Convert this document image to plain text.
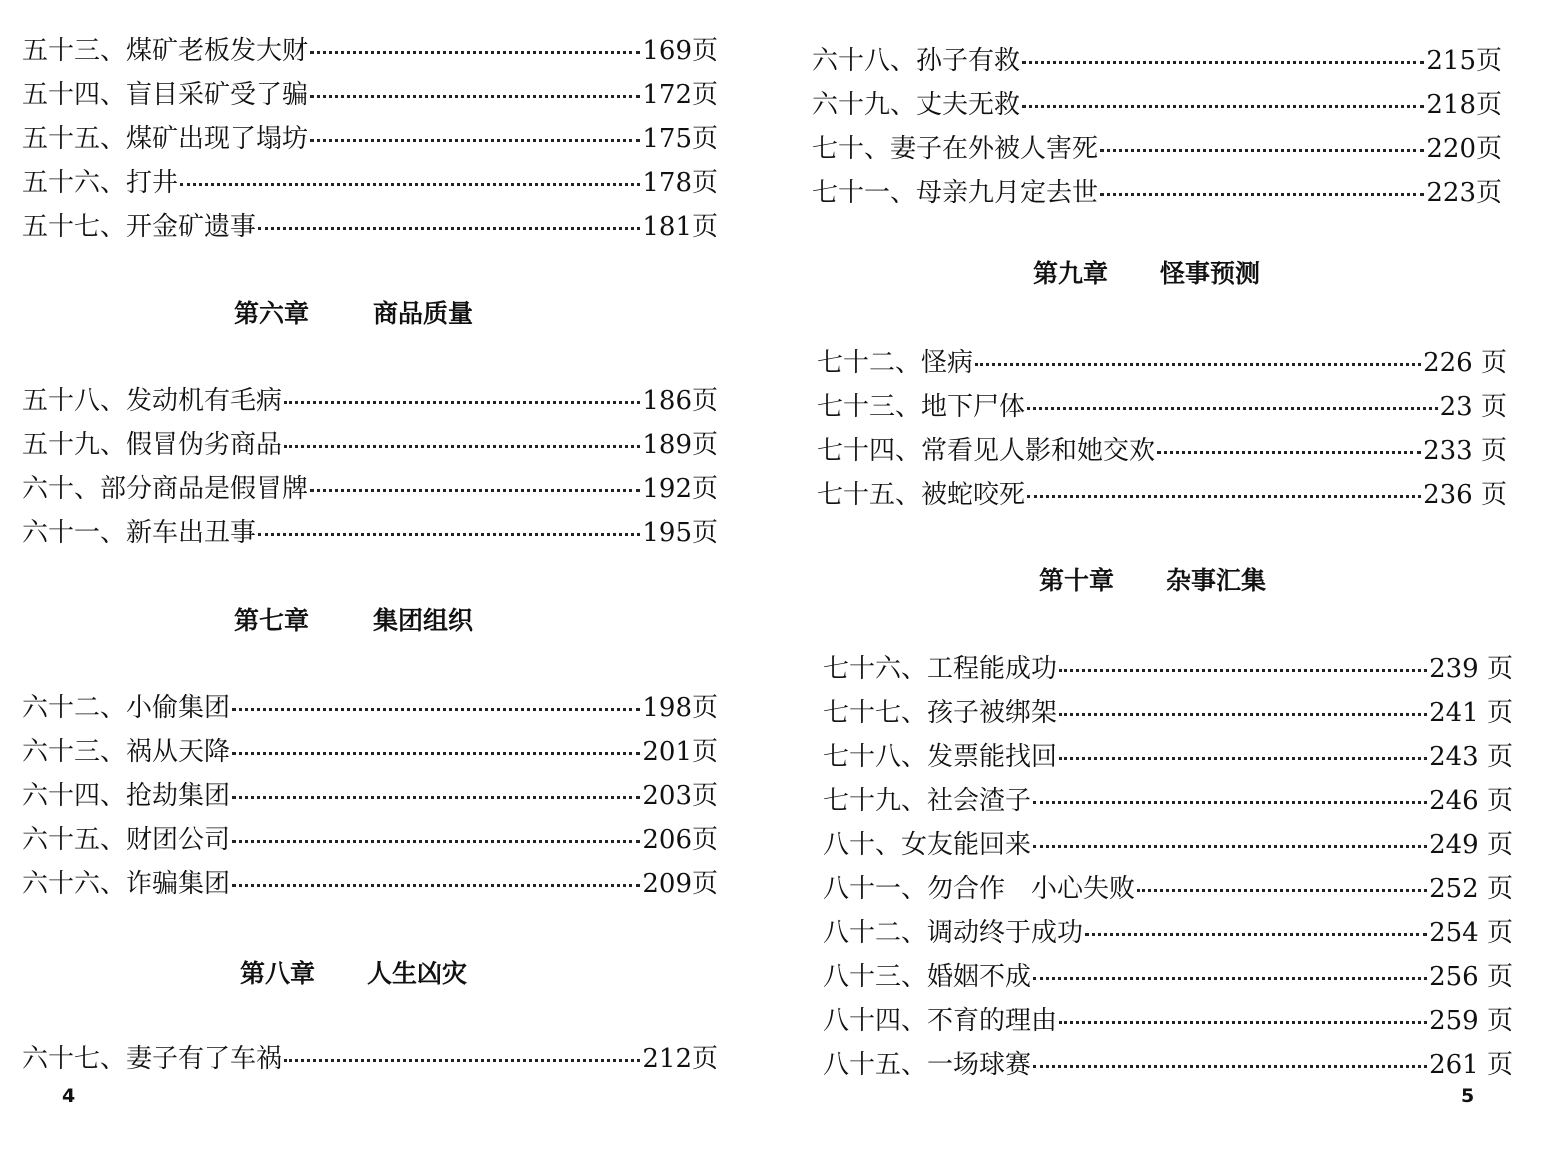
五十三、煤矿老板发大财	169页
五十四、盲目采矿受了骗	172页
五十五、煤矿出现了塌坊	175页
五十六、打井	178页
五十七、开金矿遗事	181页
第六章	商品质量
五十八、发动机有毛病	186页
五十九、假冒伪劣商品	189页
六十、部分商品是假冒牌	192页
六十一、新车出丑事	195页
第七章	集团组织
六十二、小偷集团	198页
六十三、祸从天降	201页
六十四、抢劫集团	203页
六十五、财团公司	206页
六十六、诈骗集团	209页
第八章 人生凶灾
六十七、妻子有了车祸	212页
4
六十八、孙子有救	215页
六十九、丈夫无救	218页
七十、妻子在外被人害死	220页
七十一、母亲九月定去世	223页
第九章 怪事预测
七十二、怪病	226 页
七十三、地下尸体	23 页
七十四、常看见人影和她交欢	233 页
七十五、被蛇咬死	236 页
第十章 杂事汇集
七十六、工程能成功	239 页
七十七、孩子被绑架	241 页
七十八、发票能找回	243 页
七十九、社会渣子	246 页
八十、女友能回来	249 页
八十一、勿合作　小心失败	252 页
八十二、调动终于成功	254 页
八十三、婚姻不成	256 页
八十四、不育的理由	259 页
八十五、一场球赛	261 页
5
